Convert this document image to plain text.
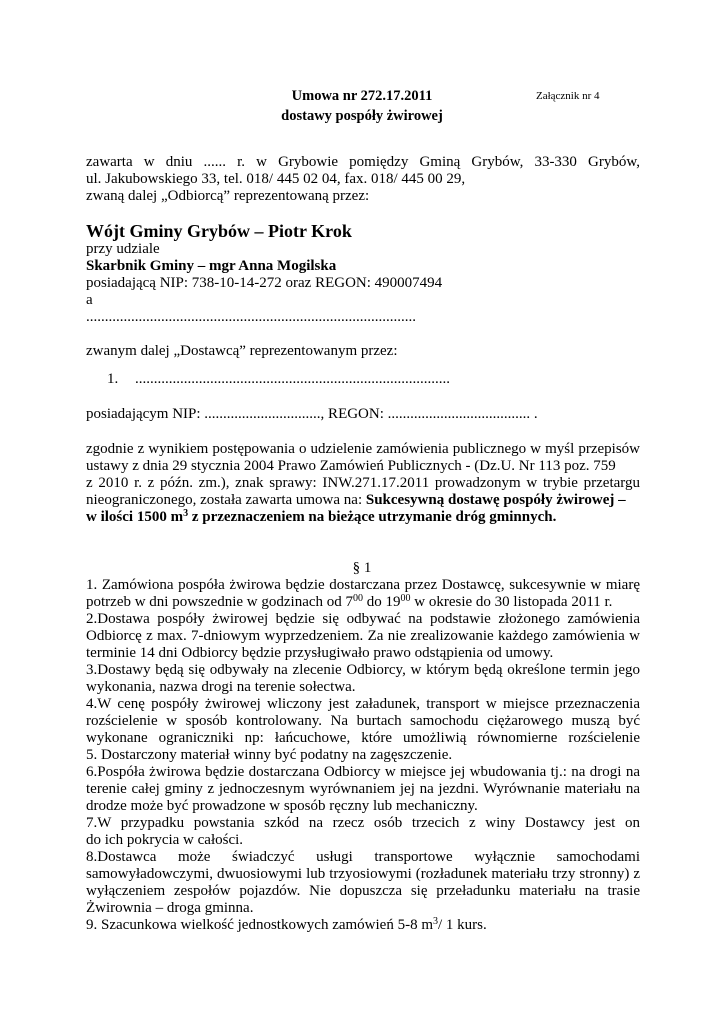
Umowa nr 272.17.2011
dostawy pospóły żwirowej
Załącznik nr 4
zawarta w dniu ...... r. w Grybowie pomiędzy Gminą Grybów, 33-330 Grybów,
ul. Jakubowskiego 33, tel. 018/ 445 02 04, fax. 018/ 445 00 29,
zwaną dalej „Odbiorcą” reprezentowaną przez:
Wójt Gminy Grybów – Piotr Krok
przy udziale
Skarbnik Gminy – mgr Anna Mogilska
posiadającą NIP: 738-10-14-272 oraz REGON: 490007494
a
........................................................................................
zwanym dalej „Dostawcą” reprezentowanym przez:
1. ....................................................................................
posiadającym NIP: ..............................., REGON: ...................................... .
zgodnie z wynikiem postępowania o udzielenie zamówienia publicznego w myśl przepisów
ustawy z dnia 29 stycznia 2004 Prawo Zamówień Publicznych - (Dz.U. Nr 113 poz. 759
z 2010 r. z późn. zm.), znak sprawy: INW.271.17.2011 prowadzonym w trybie przetargu
nieograniczonego, została zawarta umowa na: Sukcesywną dostawę pospóły żwirowej –
w ilości 1500 $m^3$ z przeznaczeniem na bieżące utrzymanie dróg gminnych.
§ 1
1. Zamówiona pospóła żwirowa będzie dostarczana przez Dostawcę, sukcesywnie w miarę
potrzeb w dni powszednie w godzinach od $7^{00}$ do $19^{00}$ w okresie do 30 listopada 2011 r.
2.Dostawa pospóły żwirowej będzie się odbywać na podstawie złożonego zamówienia
Odbiorcę z max. 7-dniowym wyprzedzeniem. Za nie zrealizowanie każdego zamówienia w
terminie 14 dni Odbiorcy będzie przysługiwało prawo odstąpienia od umowy.
3.Dostawy będą się odbywały na zlecenie Odbiorcy, w którym będą określone termin jego
wykonania, nazwa drogi na terenie sołectwa.
4.W cenę pospóły żwirowej wliczony jest załadunek, transport w miejsce przeznaczenia
rozścielenie w sposób kontrolowany. Na burtach samochodu ciężarowego muszą być
wykonane ograniczniki np: łańcuchowe, które umożliwią równomierne rozścielenie
5. Dostarczony materiał winny być podatny na zagęszczenie.
6.Pospóła żwirowa będzie dostarczana Odbiorcy w miejsce jej wbudowania tj.: na drogi na
terenie całej gminy z jednoczesnym wyrównaniem jej na jezdni. Wyrównanie materiału na
drodze może być prowadzone w sposób ręczny lub mechaniczny.
7.W przypadku powstania szkód na rzecz osób trzecich z winy Dostawcy jest on
do ich pokrycia w całości.
8.Dostawca może świadczyć usługi transportowe wyłącznie samochodami
samowyładowczymi, dwuosiowymi lub trzyosiowymi (rozładunek materiału trzy stronny) z
wyłączeniem zespołów pojazdów. Nie dopuszcza się przeładunku materiału na trasie
Żwirownia – droga gminna.
9. Szacunkowa wielkość jednostkowych zamówień 5-8 $m^3/$ 1 kurs.
